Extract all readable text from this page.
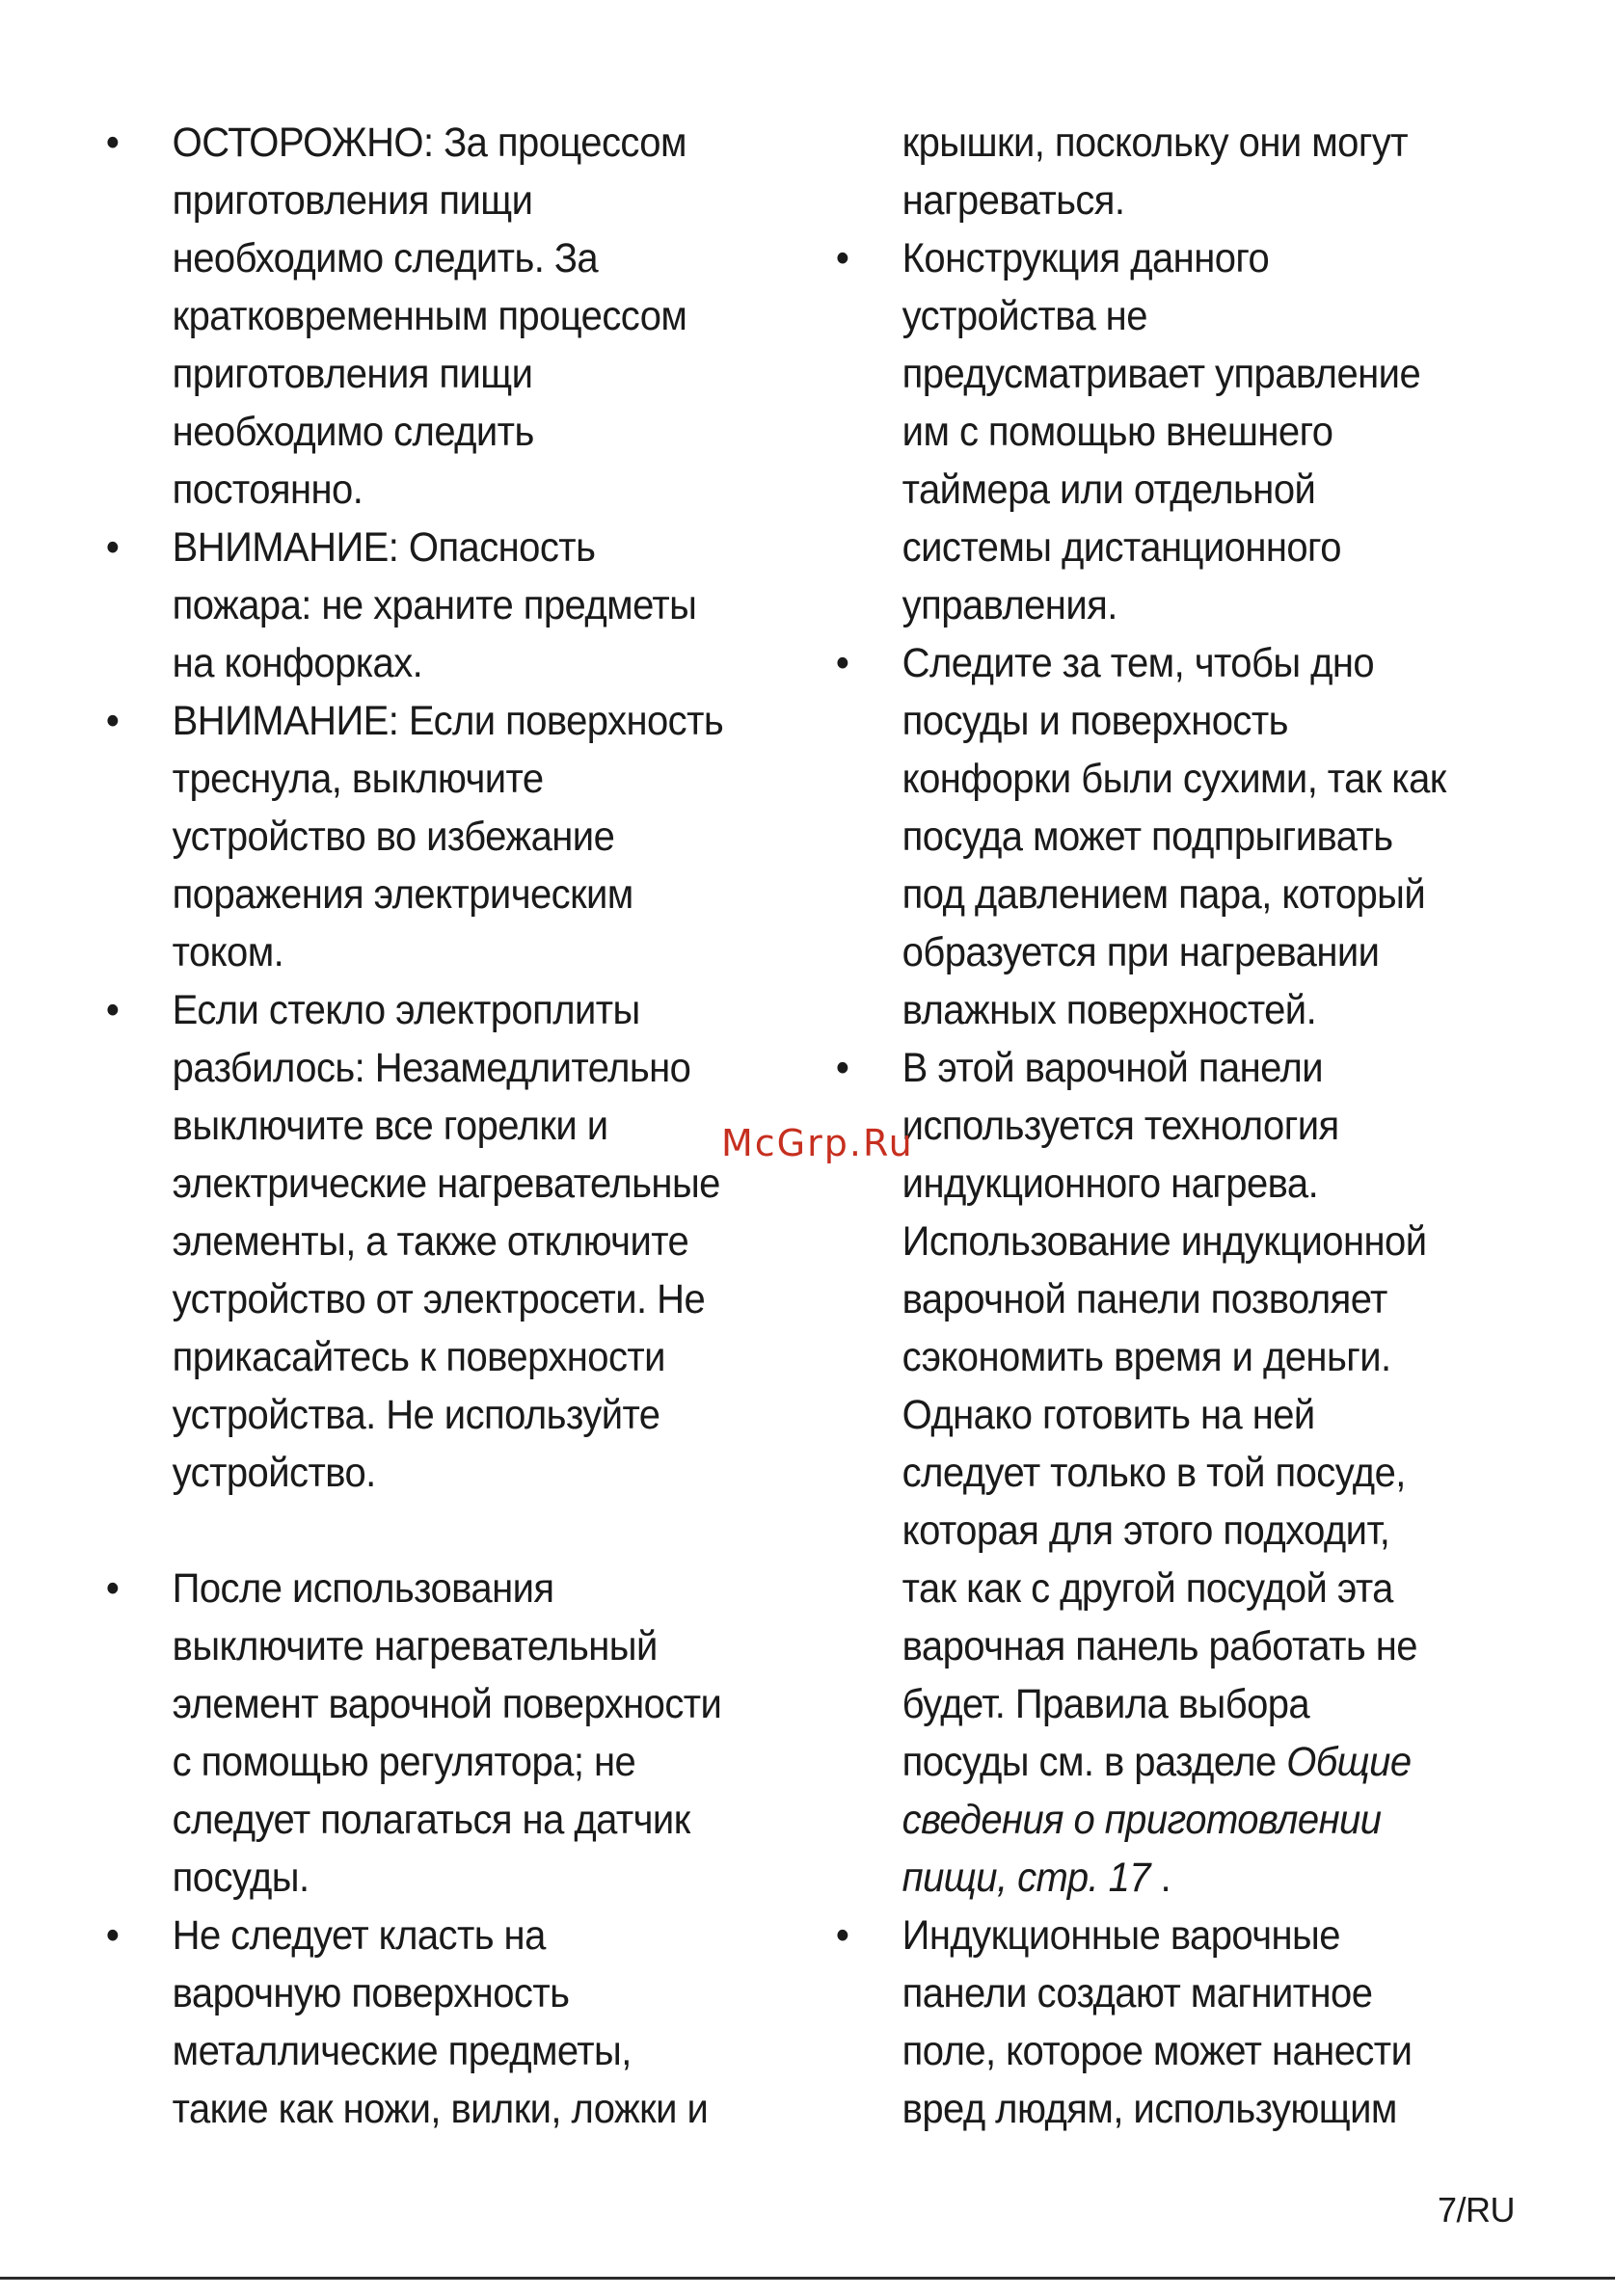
•	ОСТОРОЖНО: За процессом
приготовления пищи
необходимо следить. За
кратковременным процессом
приготовления пищи
необходимо следить
постоянно.
•	ВНИМАНИЕ: Опасность
пожара: не храните предметы
на конфорках.
•	ВНИМАНИЕ: Если поверхность
треснула, выключите
устройство во избежание
поражения электрическим
током.
•	Если стекло электроплиты
разбилось: Незамедлительно
выключите все горелки и
электрические нагревательные
элементы, а также отключите
устройство от электросети. Не
прикасайтесь к поверхности
устройства. Не используйте
устройство.
•	После использования
выключите нагревательный
элемент варочной поверхности
с помощью регулятора; не
следует полагаться на датчик
посуды.
•	Не следует класть на
варочную поверхность
металлические предметы,
такие как ножи, вилки, ложки и
крышки, поскольку они могут
нагреваться.
•	Конструкция данного
устройства не
предусматривает управление
им с помощью внешнего
таймера или отдельной
системы дистанционного
управления.
•	Следите за тем, чтобы дно
посуды и поверхность
конфорки были сухими, так как
посуда может подпрыгивать
под давлением пара, который
образуется при нагревании
влажных поверхностей.
•	В этой варочной панели
используется технология
индукционного нагрева.
Использование индукционной
варочной панели позволяет
сэкономить время и деньги.
Однако готовить на ней
следует только в той посуде,
которая для этого подходит,
так как с другой посудой эта
варочная панель работать не
будет. Правила выбора
посуды см. в разделе Общие
сведения о приготовлении
пищи, стр. 17 .
•	Индукционные варочные
панели создают магнитное
поле, которое может нанести
вред людям, использующим
McGrp.Ru
7/RU
